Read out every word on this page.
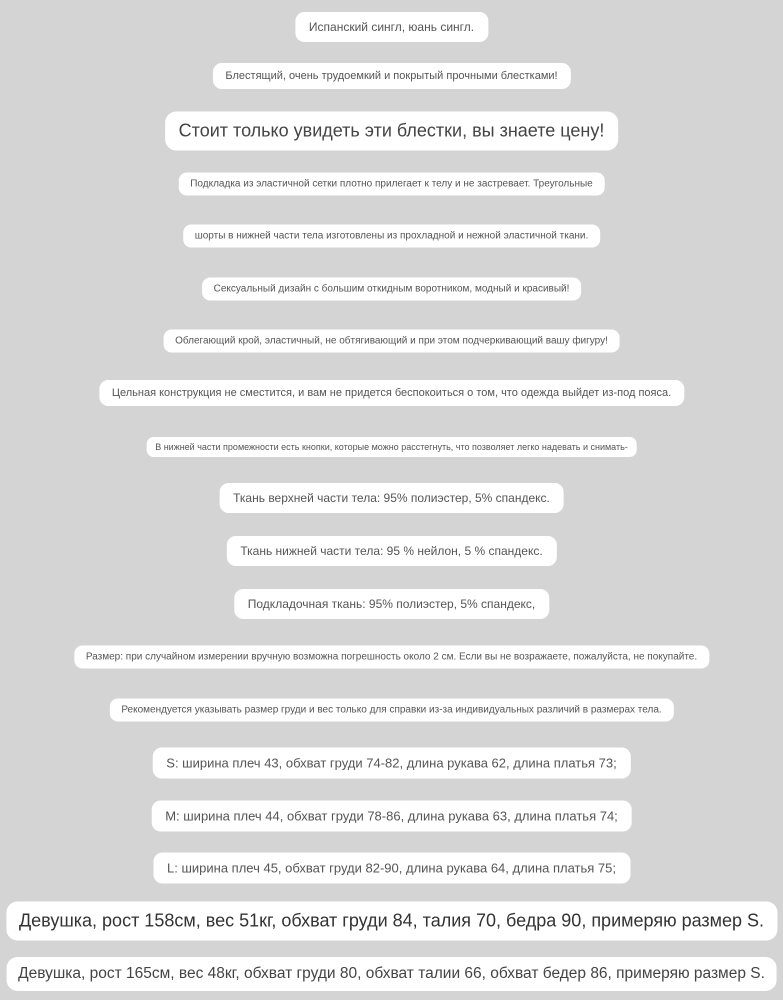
Испанский сингл, юань сингл.
Блестящий, очень трудоемкий и покрытый прочными блестками!
Стоит только увидеть эти блестки, вы знаете цену!
Подкладка из эластичной сетки плотно прилегает к телу и не застревает. Треугольные
шорты в нижней части тела изготовлены из прохладной и нежной эластичной ткани.
Сексуальный дизайн с большим откидным воротником, модный и красивый!
Облегающий крой, эластичный, не обтягивающий и при этом подчеркивающий вашу фигуру!
Цельная конструкция не сместится, и вам не придется беспокоиться о том, что одежда выйдет из-под пояса.
В нижней части промежности есть кнопки, которые можно расстегнуть, что позволяет легко надевать и снимать-
Ткань верхней части тела: 95% полиэстер, 5% спандекс.
Ткань нижней части тела: 95 % нейлон, 5 % спандекс.
Подкладочная ткань: 95% полиэстер, 5% спандекс,
Размер: при случайном измерении вручную возможна погрешность около 2 см. Если вы не возражаете, пожалуйста, не покупайте.
Рекомендуется указывать размер груди и вес только для справки из-за индивидуальных различий в размерах тела.
S: ширина плеч 43, обхват груди 74-82, длина рукава 62, длина платья 73;
M: ширина плеч 44, обхват груди 78-86, длина рукава 63, длина платья 74;
L: ширина плеч 45, обхват груди 82-90, длина рукава 64, длина платья 75;
Девушка, рост 158см, вес 51кг, обхват груди 84, талия 70, бедра 90, примеряю размер S.
Девушка, рост 165см, вес 48кг, обхват груди 80, обхват талии 66, обхват бедер 86, примеряю размер S.
